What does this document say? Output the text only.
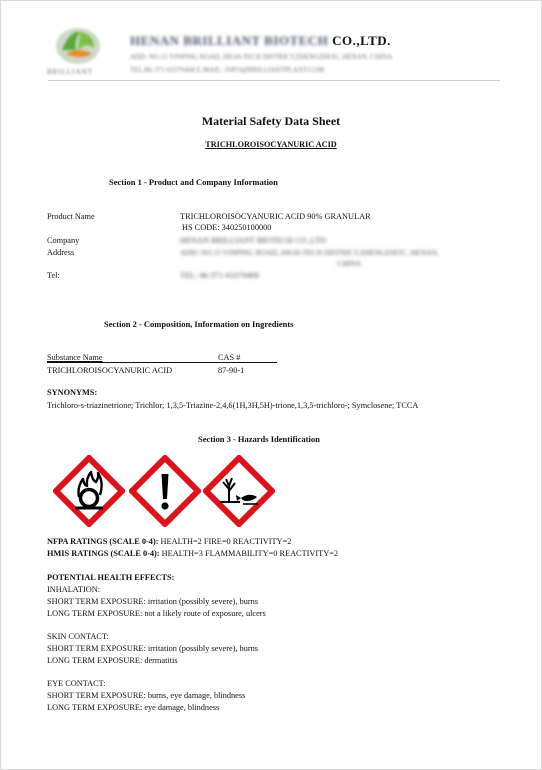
BRILLIANT
HENAN BRILLIANT BIOTECH CO.,LTD.
ADD: NO.15 YINPING ROAD, HIGH-TECH DISTRICT,ZHENGZHOU, HENAN, CHINA
TEL:86-371-63370468 E-MAIL: INFO@BRILLIANTPLANT.COM
Material Safety Data Sheet
TRICHLOROISOCYANURIC ACID
Section 1 - Product and Company Information
Product Name	TRICHLOROISOCYANURIC ACID 90% GRANULAR
HS CODE: 340250100000
Company	HENAN BRILLIANT BIOTECH CO.,LTD
Address	ADD: NO.15 YINPING ROAD, HIGH-TECH DISTRICT,ZHENGZHOU, HENAN,
CHINA
Tel:	TEL: 86-371-63370468
Section 2 - Composition, Information on Ingredients
Substance Name	CAS #
TRICHLOROISOCYANURIC ACID	87-90-1
SYNONYMS:
Trichloro-s-triazinetrione; Trichlor; 1,3,5-Triazine-2,4,6(1H,3H,5H)-trione,1,3,5-trichloro-; Symclosene; TCCA
Section 3 - Hazards Identification
NFPA RATINGS (SCALE 0-4): HEALTH=2 FIRE=0 REACTIVITY=2
HMIS RATINGS (SCALE 0-4): HEALTH=3 FLAMMABILITY=0 REACTIVITY=2
POTENTIAL HEALTH EFFECTS:
INHALATION:
SHORT TERM EXPOSURE: irritation (possibly severe), burns
LONG TERM EXPOSURE: not a likely route of exposure, ulcers
SKIN CONTACT:
SHORT TERM EXPOSURE: irritation (possibly severe), burns
LONG TERM EXPOSURE: dermatitis
EYE CONTACT:
SHORT TERM EXPOSURE: burns, eye damage, blindness
LONG TERM EXPOSURE: eye damage, blindness
